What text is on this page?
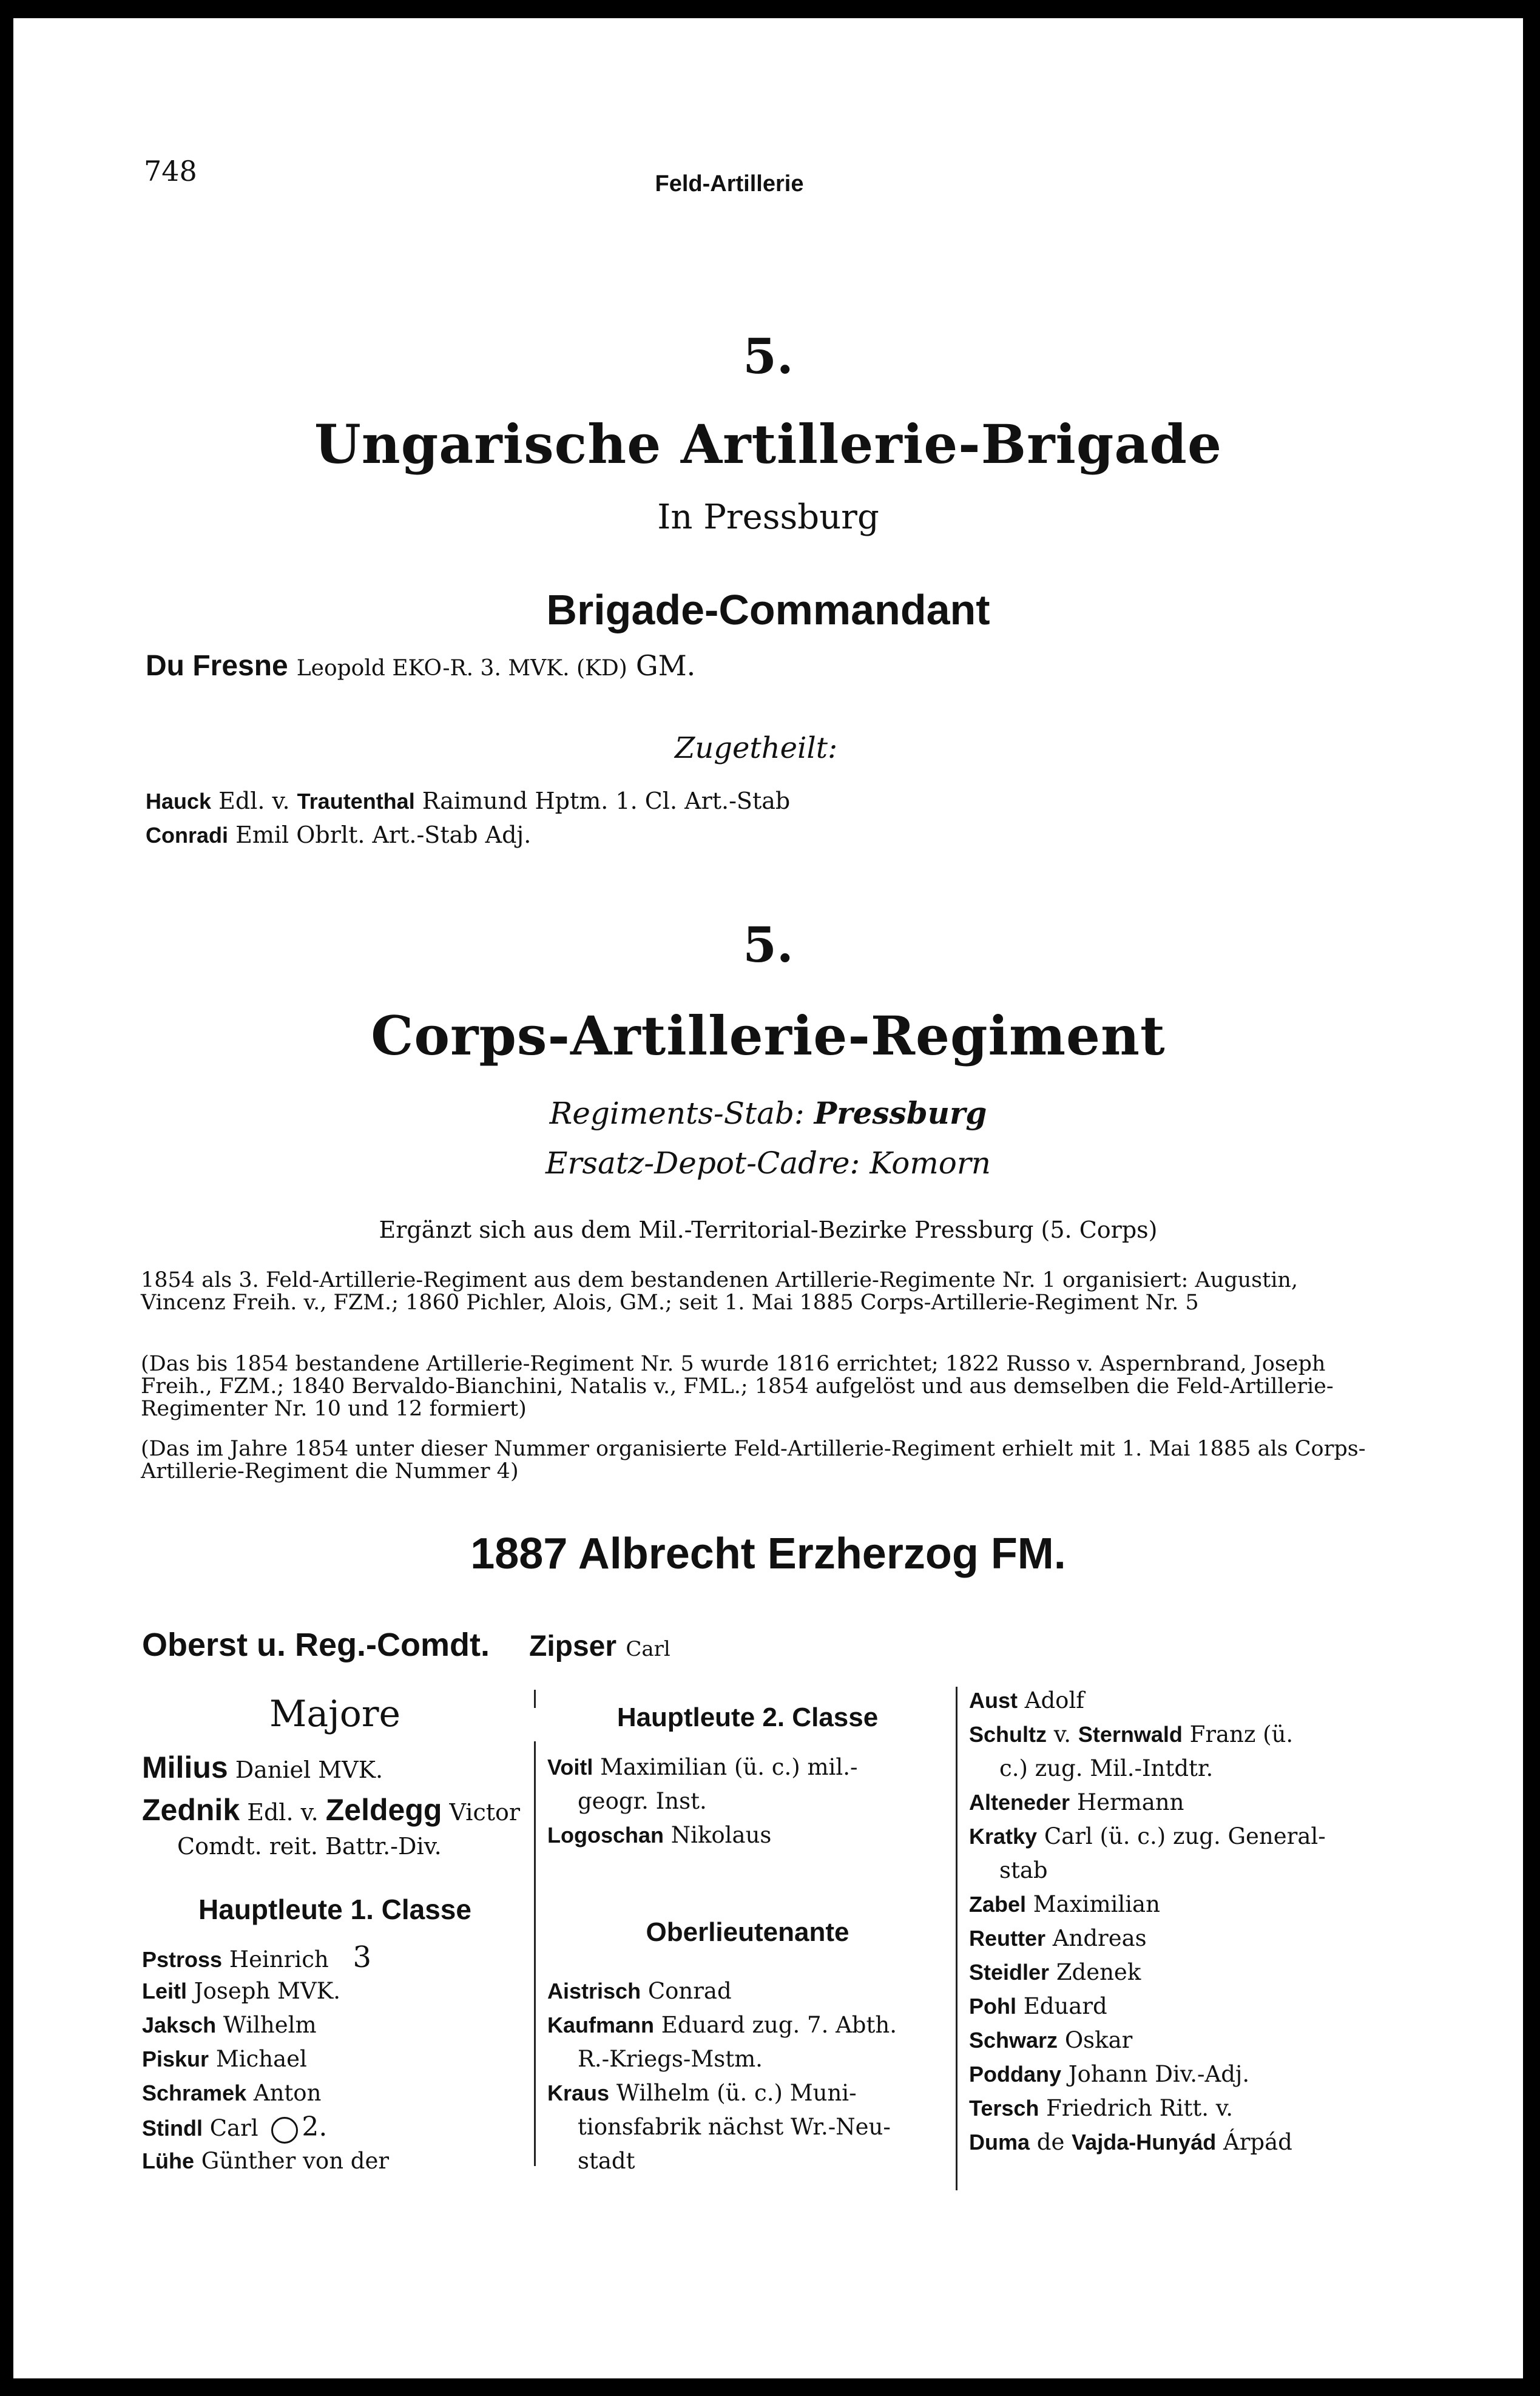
748	Feld-Artillerie
5.
Ungarische Artillerie-Brigade
In Pressburg
Brigade-Commandant
Du Fresne Leopold EKO-R. 3. MVK. (KD) GM.
Zugetheilt:
Hauck Edl. v. Trautenthal Raimund Hptm. 1. Cl. Art.-Stab
Conradi Emil Obrlt. Art.-Stab Adj.
5.
Corps-Artillerie-Regiment
Regiments-Stab: Pressburg
Ersatz-Depot-Cadre: Komorn
Ergänzt sich aus dem Mil.-Territorial-Bezirke Pressburg (5. Corps)
1854 als 3. Feld-Artillerie-Regiment aus dem bestandenen Artillerie-Regimente Nr. 1 organisiert: Augustin, Vincenz Freih. v., FZM.; 1860 Pichler, Alois, GM.; seit 1. Mai 1885 Corps-Artillerie-Regiment Nr. 5
(Das bis 1854 bestandene Artillerie-Regiment Nr. 5 wurde 1816 errichtet; 1822 Russo v. Aspernbrand, Joseph Freih., FZM.; 1840 Bervaldo-Bianchini, Natalis v., FML.; 1854 aufgelöst und aus demselben die Feld-Artillerie-Regimenter Nr. 10 und 12 formiert)
(Das im Jahre 1854 unter dieser Nummer organisierte Feld-Artillerie-Regiment erhielt mit 1. Mai 1885 als Corps-Artillerie-Regiment die Nummer 4)
1887 Albrecht Erzherzog FM.
Oberst u. Reg.-Comdt. Zipser Carl
Majore
Milius Daniel MVK.
Zednik Edl. v. Zeldegg Victor
Comdt. reit. Battr.-Div.
Hauptleute 1. Classe
Pstross Heinrich 3
Leitl Joseph MVK.
Jaksch Wilhelm
Piskur Michael
Schramek Anton
Stindl Carl 2.
Lühe Günther von der
Hauptleute 2. Classe
Voitl Maximilian (ü. c.) mil.-
geogr. Inst.
Logoschan Nikolaus
Oberlieutenante
Aistrisch Conrad
Kaufmann Eduard zug. 7. Abth.
R.-Kriegs-Mstm.
Kraus Wilhelm (ü. c.) Muni-
tionsfabrik nächst Wr.-Neu-
stadt
Aust Adolf
Schultz v. Sternwald Franz (ü.
c.) zug. Mil.-Intdtr.
Alteneder Hermann
Kratky Carl (ü. c.) zug. General-
stab
Zabel Maximilian
Reutter Andreas
Steidler Zdenek
Pohl Eduard
Schwarz Oskar
Poddany Johann Div.-Adj.
Tersch Friedrich Ritt. v.
Duma de Vajda-Hunyád Árpád
